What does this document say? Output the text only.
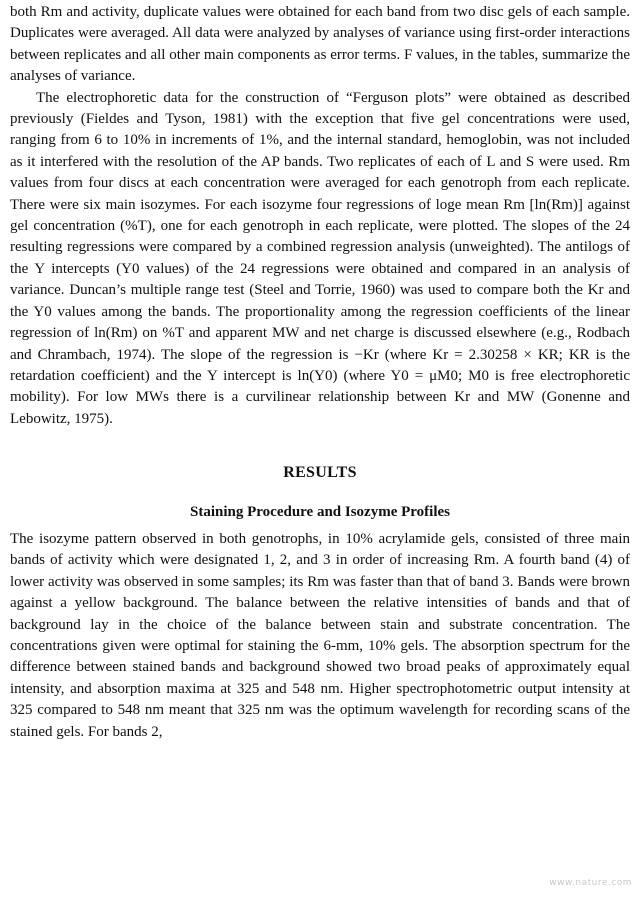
both Rm and activity, duplicate values were obtained for each band from two disc gels of each sample. Duplicates were averaged. All data were analyzed by analyses of variance using first-order interactions between replicates and all other main components as error terms. F values, in the tables, summarize the analyses of variance.

The electrophoretic data for the construction of “Ferguson plots” were obtained as described previously (Fieldes and Tyson, 1981) with the exception that five gel concentrations were used, ranging from 6 to 10% in increments of 1%, and the internal standard, hemoglobin, was not included as it interfered with the resolution of the AP bands. Two replicates of each of L and S were used. Rm values from four discs at each concentration were averaged for each genotroph from each replicate. There were six main isozymes. For each isozyme four regressions of loge mean Rm [ln(Rm)] against gel concentration (%T), one for each genotroph in each replicate, were plotted. The slopes of the 24 resulting regressions were compared by a combined regression analysis (unweighted). The antilogs of the Y intercepts (Y0 values) of the 24 regressions were obtained and compared in an analysis of variance. Duncan’s multiple range test (Steel and Torrie, 1960) was used to compare both the Kr and the Y0 values among the bands. The proportionality among the regression coefficients of the linear regression of ln(Rm) on %T and apparent MW and net charge is discussed elsewhere (e.g., Rodbach and Chrambach, 1974). The slope of the regression is −Kr (where Kr = 2.30258 × KR; KR is the retardation coefficient) and the Y intercept is ln(Y0) (where Y0 = μM0; M0 is free electrophoretic mobility). For low MWs there is a curvilinear relationship between Kr and MW (Gonenne and Lebowitz, 1975).

RESULTS
Staining Procedure and Isozyme Profiles

The isozyme pattern observed in both genotrophs, in 10% acrylamide gels, consisted of three main bands of activity which were designated 1, 2, and 3 in order of increasing Rm. A fourth band (4) of lower activity was observed in some samples; its Rm was faster than that of band 3. Bands were brown against a yellow background. The balance between the relative intensities of bands and that of background lay in the choice of the balance between stain and substrate concentration. The concentrations given were optimal for staining the 6-mm, 10% gels. The absorption spectrum for the difference between stained bands and background showed two broad peaks of approximately equal intensity, and absorption maxima at 325 and 548 nm. Higher spectrophotometric output intensity at 325 compared to 548 nm meant that 325 nm was the optimum wavelength for recording scans of the stained gels. For bands 2,

www.nature.com
